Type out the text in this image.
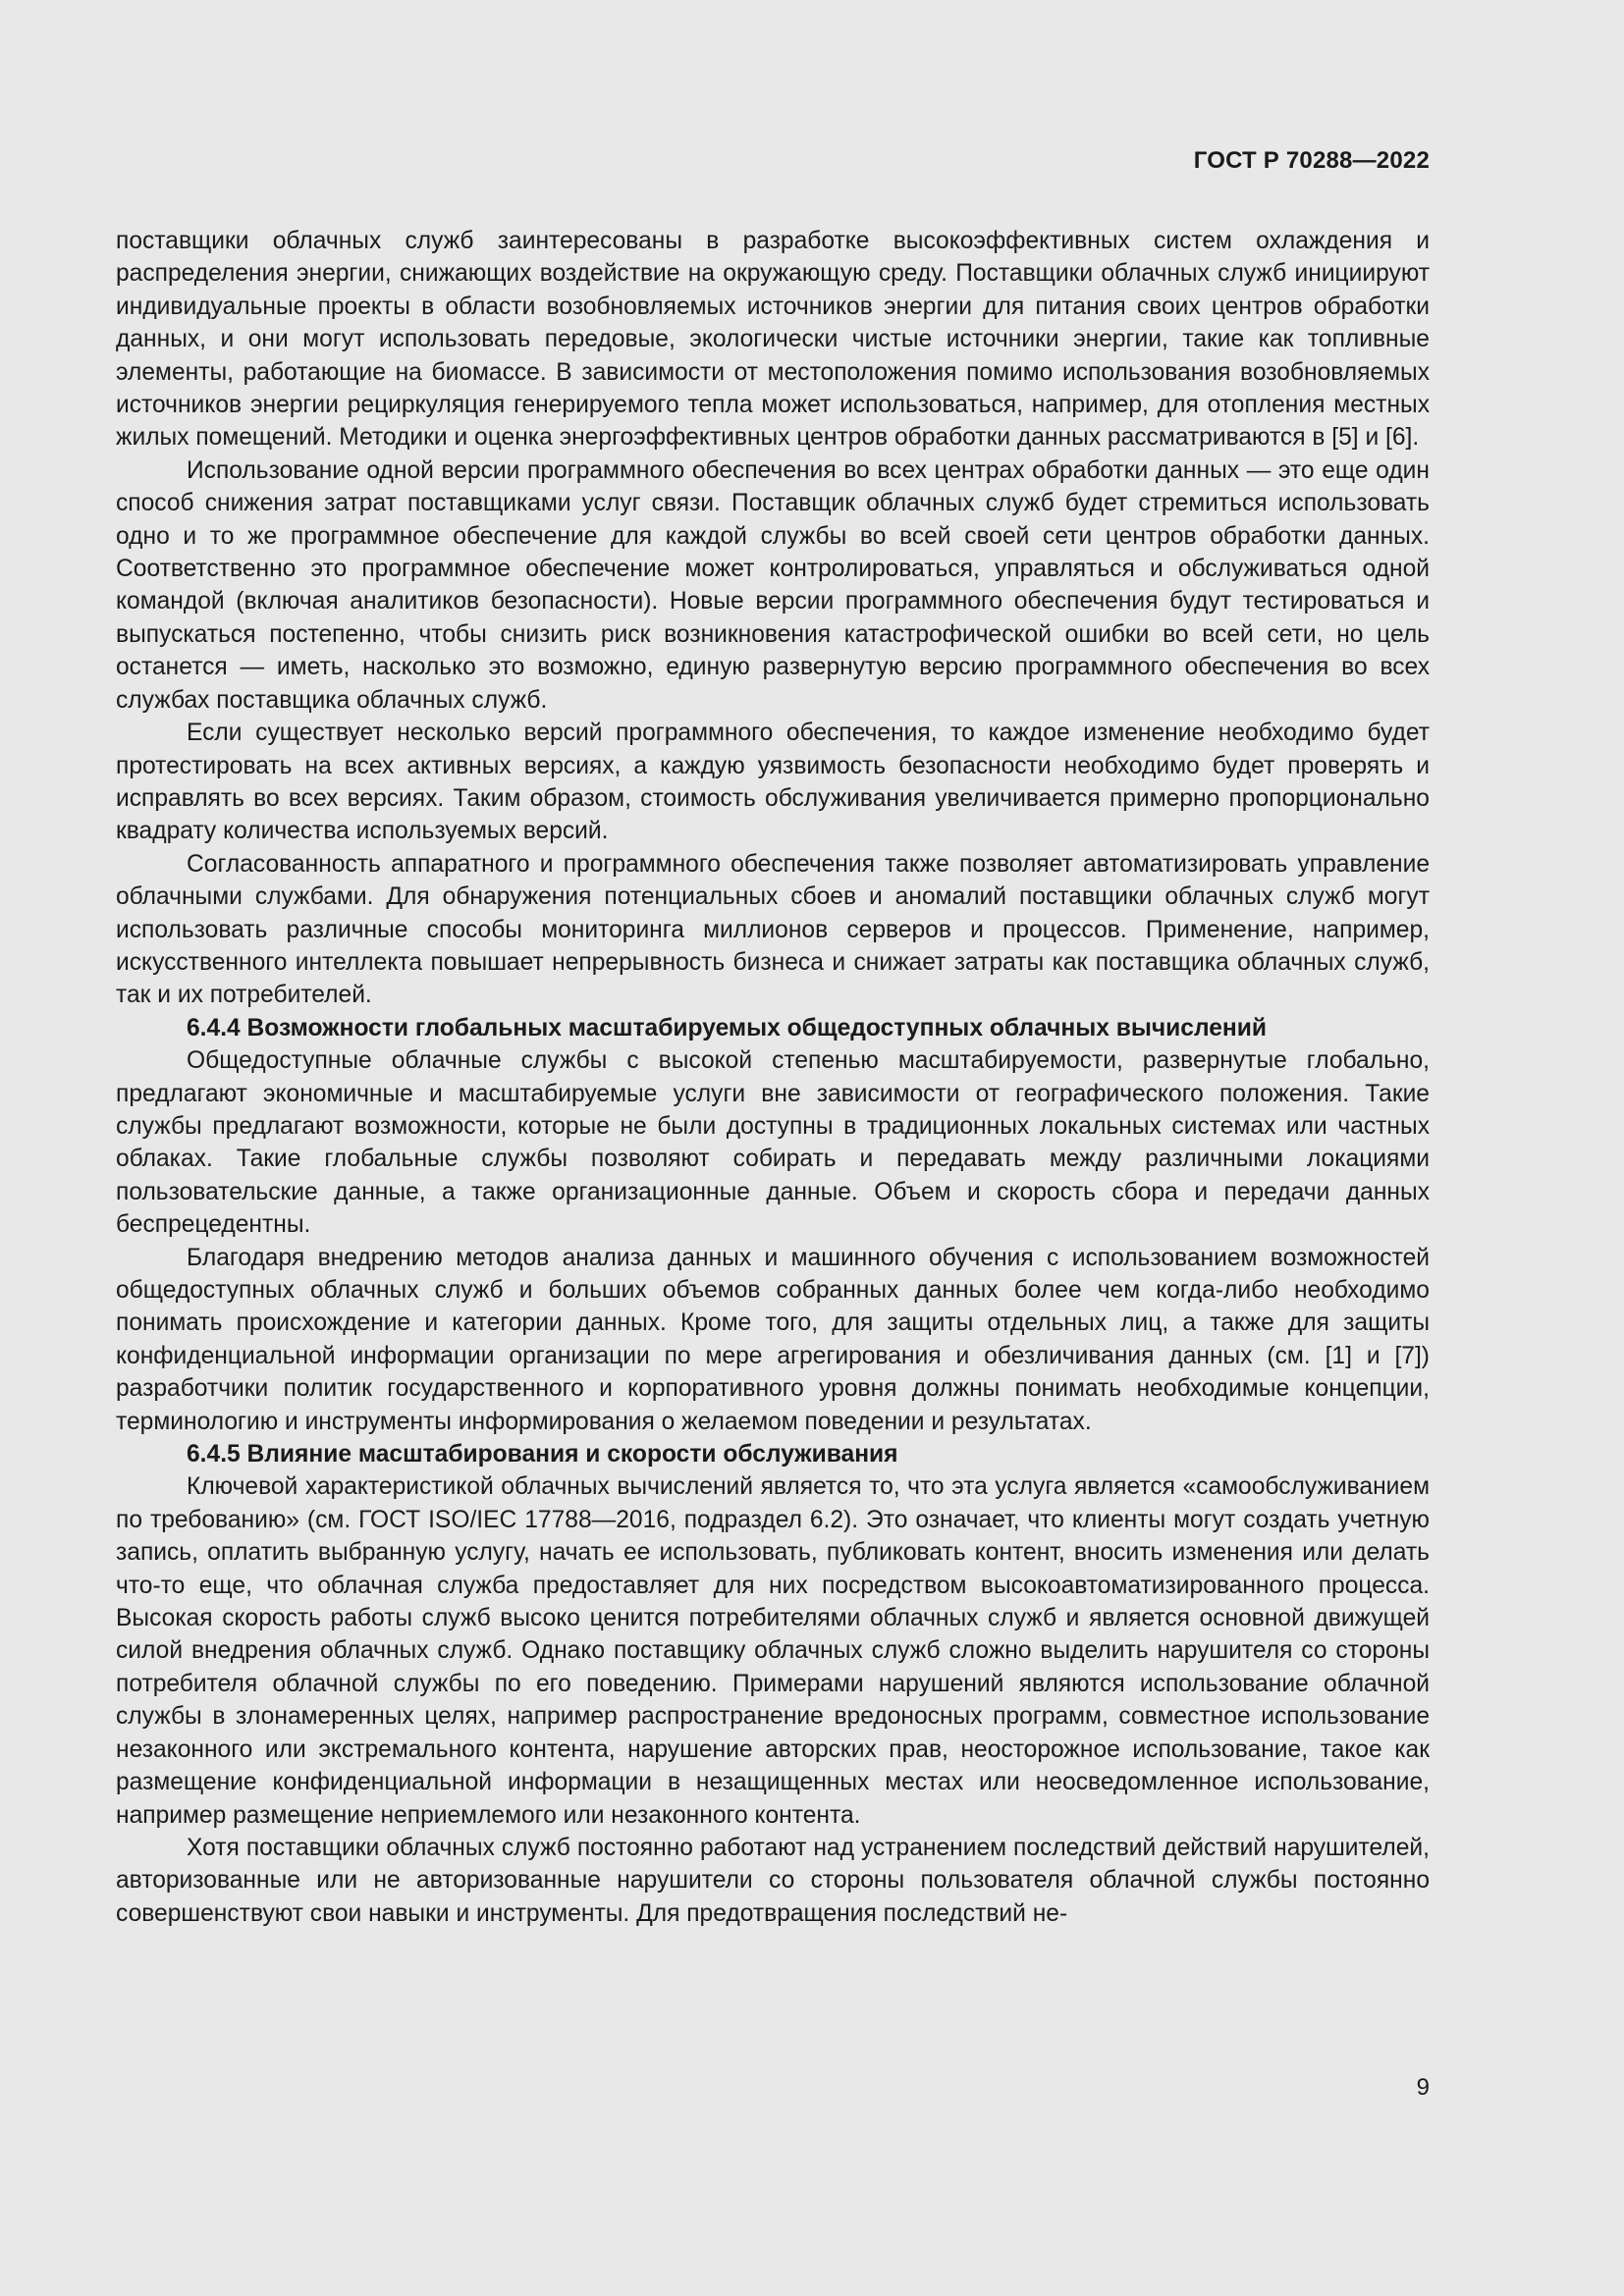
ГОСТ Р 70288—2022

поставщики облачных служб заинтересованы в разработке высокоэффективных систем охлаждения и распределения энергии, снижающих воздействие на окружающую среду. Поставщики облачных служб инициируют индивидуальные проекты в области возобновляемых источников энергии для питания своих центров обработки данных, и они могут использовать передовые, экологически чистые источники энергии, такие как топливные элементы, работающие на биомассе. В зависимости от местоположения помимо использования возобновляемых источников энергии рециркуляция генерируемого тепла может использоваться, например, для отопления местных жилых помещений. Методики и оценка энергоэффективных центров обработки данных рассматриваются в [5] и [6].

Использование одной версии программного обеспечения во всех центрах обработки данных — это еще один способ снижения затрат поставщиками услуг связи. Поставщик облачных служб будет стремиться использовать одно и то же программное обеспечение для каждой службы во всей своей сети центров обработки данных. Соответственно это программное обеспечение может контролироваться, управляться и обслуживаться одной командой (включая аналитиков безопасности). Новые версии программного обеспечения будут тестироваться и выпускаться постепенно, чтобы снизить риск возникновения катастрофической ошибки во всей сети, но цель останется — иметь, насколько это возможно, единую развернутую версию программного обеспечения во всех службах поставщика облачных служб.

Если существует несколько версий программного обеспечения, то каждое изменение необходимо будет протестировать на всех активных версиях, а каждую уязвимость безопасности необходимо будет проверять и исправлять во всех версиях. Таким образом, стоимость обслуживания увеличивается примерно пропорционально квадрату количества используемых версий.

Согласованность аппаратного и программного обеспечения также позволяет автоматизировать управление облачными службами. Для обнаружения потенциальных сбоев и аномалий поставщики облачных служб могут использовать различные способы мониторинга миллионов серверов и процессов. Применение, например, искусственного интеллекта повышает непрерывность бизнеса и снижает затраты как поставщика облачных служб, так и их потребителей.

6.4.4 Возможности глобальных масштабируемых общедоступных облачных вычислений

Общедоступные облачные службы с высокой степенью масштабируемости, развернутые глобально, предлагают экономичные и масштабируемые услуги вне зависимости от географического положения. Такие службы предлагают возможности, которые не были доступны в традиционных локальных системах или частных облаках. Такие глобальные службы позволяют собирать и передавать между различными локациями пользовательские данные, а также организационные данные. Объем и скорость сбора и передачи данных беспрецедентны.

Благодаря внедрению методов анализа данных и машинного обучения с использованием возможностей общедоступных облачных служб и больших объемов собранных данных более чем когда-либо необходимо понимать происхождение и категории данных. Кроме того, для защиты отдельных лиц, а также для защиты конфиденциальной информации организации по мере агрегирования и обезличивания данных (см. [1] и [7]) разработчики политик государственного и корпоративного уровня должны понимать необходимые концепции, терминологию и инструменты информирования о желаемом поведении и результатах.

6.4.5 Влияние масштабирования и скорости обслуживания

Ключевой характеристикой облачных вычислений является то, что эта услуга является «самообслуживанием по требованию» (см. ГОСТ ISO/IEC 17788—2016, подраздел 6.2). Это означает, что клиенты могут создать учетную запись, оплатить выбранную услугу, начать ее использовать, публиковать контент, вносить изменения или делать что-то еще, что облачная служба предоставляет для них посредством высокоавтоматизированного процесса. Высокая скорость работы служб высоко ценится потребителями облачных служб и является основной движущей силой внедрения облачных служб. Однако поставщику облачных служб сложно выделить нарушителя со стороны потребителя облачной службы по его поведению. Примерами нарушений являются использование облачной службы в злонамеренных целях, например распространение вредоносных программ, совместное использование незаконного или экстремального контента, нарушение авторских прав, неосторожное использование, такое как размещение конфиденциальной информации в незащищенных местах или неосведомленное использование, например размещение неприемлемого или незаконного контента.

Хотя поставщики облачных служб постоянно работают над устранением последствий действий нарушителей, авторизованные или не авторизованные нарушители со стороны пользователя облачной службы постоянно совершенствуют свои навыки и инструменты. Для предотвращения последствий не-

9
